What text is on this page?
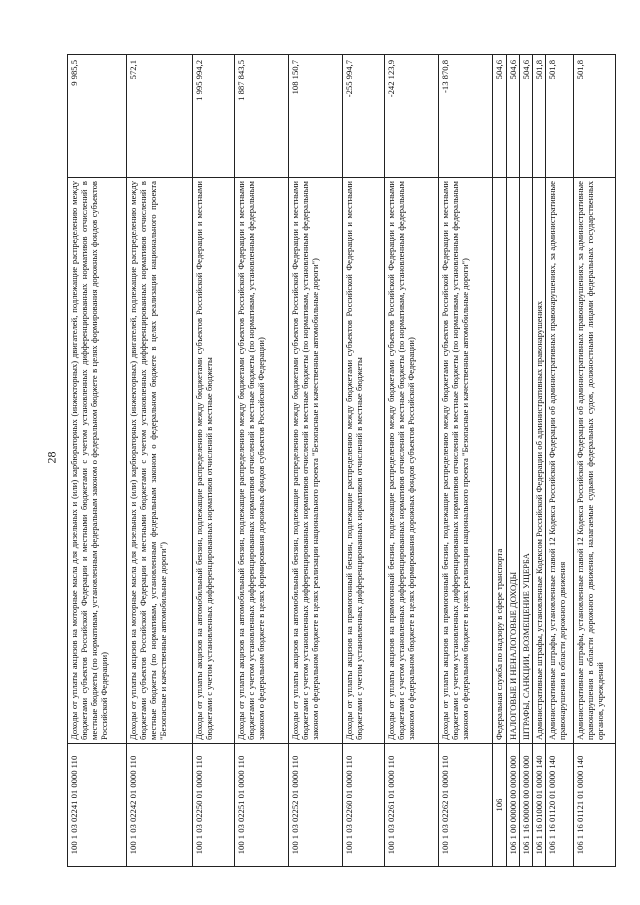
28
100 1 03 02241 01 0000 110	Доходы от уплаты акцизов на моторные масла для дизельных и (или) карбюраторных (инжекторных) двигателей, подлежащие распределению между бюджетами субъектов Российской Федерации и местными бюджетами с учетом установленных дифференцированных нормативов отчислений в местные бюджеты (по нормативам, установленным федеральным законом о федеральном бюджете в целях формирования дорожных фондов субъектов Российской Федерации)	9 985,5
100 1 03 02242 01 0000 110	Доходы от уплаты акцизов на моторные масла для дизельных и (или) карбюраторных (инжекторных) двигателей, подлежащие распределению между бюджетами субъектов Российской Федерации и местными бюджетами с учетом установленных дифференцированных нормативов отчислений в местные бюджеты (по нормативам, установленным федеральным законом о федеральном бюджете в целях реализации национального проекта "Безопасные и качественные автомобильные дороги")	572,1
100 1 03 02250 01 0000 110	Доходы от уплаты акцизов на автомобильный бензин, подлежащие распределению между бюджетами субъектов Российской Федерации и местными бюджетами с учетом установленных дифференцированных нормативов отчислений в местные бюджеты	1 995 994,2
100 1 03 02251 01 0000 110	Доходы от уплаты акцизов на автомобильный бензин, подлежащие распределению между бюджетами субъектов Российской Федерации и местными бюджетами с учетом установленных дифференцированных нормативов отчислений в местные бюджеты (по нормативам, установленным федеральным законом о федеральном бюджете в целях формирования дорожных фондов субъектов Российской Федерации)	1 887 843,5
100 1 03 02252 01 0000 110	Доходы от уплаты акцизов на автомобильный бензин, подлежащие распределению между бюджетами субъектов Российской Федерации и местными бюджетами с учетом установленных дифференцированных нормативов отчислений в местные бюджеты (по нормативам, установленным федеральным законом о федеральном бюджете в целях реализации национального проекта "Безопасные и качественные автомобильные дороги")	108 150,7
100 1 03 02260 01 0000 110	Доходы от уплаты акцизов на прямогонный бензин, подлежащие распределению между бюджетами субъектов Российской Федерации и местными бюджетами с учетом установленных дифференцированных нормативов отчислений в местные бюджеты	-255 994,7
100 1 03 02261 01 0000 110	Доходы от уплаты акцизов на прямогонный бензин, подлежащие распределению между бюджетами субъектов Российской Федерации и местными бюджетами с учетом установленных дифференцированных нормативов отчислений в местные бюджеты (по нормативам, установленным федеральным законом о федеральном бюджете в целях формирования дорожных фондов субъектов Российской Федерации)	-242 123,9
100 1 03 02262 01 0000 110	Доходы от уплаты акцизов на прямогонный бензин, подлежащие распределению между бюджетами субъектов Российской Федерации и местными бюджетами с учетом установленных дифференцированных нормативов отчислений в местные бюджеты (по нормативам, установленным федеральным законом о федеральном бюджете в целях реализации национального проекта "Безопасные и качественные автомобильные дороги")	-13 870,8
106	Федеральная служба по надзору в сфере транспорта	504,6
106 1 00 00000 00 0000 000	НАЛОГОВЫЕ И НЕНАЛОГОВЫЕ ДОХОДЫ	504,6
106 1 16 00000 00 0000 000	ШТРАФЫ, САНКЦИИ, ВОЗМЕЩЕНИЕ УЩЕРБА	504,6
106 1 16 01000 01 0000 140	Административные штрафы, установленные Кодексом Российской Федерации об административных правонарушениях	501,8
106 1 16 01120 01 0000 140	Административные штрафы, установленные главой 12 Кодекса Российской Федерации об административных правонарушениях, за административные правонарушения в области дорожного движения	501,8
106 1 16 01121 01 0000 140	Административные штрафы, установленные главой 12 Кодекса Российской Федерации об административных правонарушениях, за административные правонарушения в области дорожного движения, налагаемые судьями федеральных судов, должностными лицами федеральных государственных органов, учреждений	501,8
